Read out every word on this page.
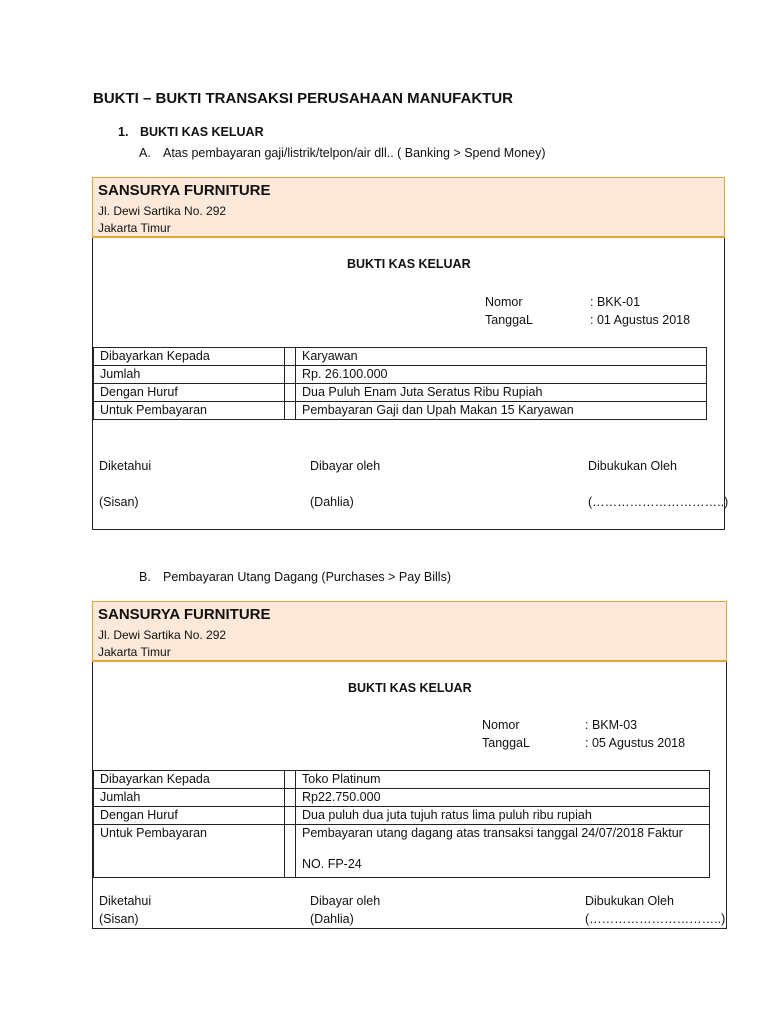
BUKTI – BUKTI TRANSAKSI PERUSAHAAN MANUFAKTUR
1. BUKTI KAS KELUAR
A. Atas pembayaran gaji/listrik/telpon/air dll.. ( Banking > Spend Money)
SANSURYA FURNITURE
Jl. Dewi Sartika No. 292
Jakarta Timur
BUKTI KAS KELUAR
Nomor	: BKK-01
TanggaL	: 01 Agustus 2018
Dibayarkan Kepada		Karyawan
Jumlah		Rp. 26.100.000
Dengan Huruf		Dua Puluh Enam Juta Seratus Ribu Rupiah
Untuk Pembayaran		Pembayaran Gaji dan Upah Makan 15 Karyawan
Diketahui	Dibayar oleh	Dibukukan Oleh
(Sisan)	(Dahlia)	(…………………………..)
B. Pembayaran Utang Dagang (Purchases > Pay Bills)
SANSURYA FURNITURE
Jl. Dewi Sartika No. 292
Jakarta Timur
BUKTI KAS KELUAR
Nomor	: BKM-03
TanggaL	: 05 Agustus 2018
Dibayarkan Kepada		Toko Platinum
Jumlah		Rp22.750.000
Dengan Huruf		Dua puluh dua juta tujuh ratus lima puluh ribu rupiah
Untuk Pembayaran		Pembayaran utang dagang atas transaksi tanggal 24/07/2018 Faktur
NO. FP-24
Diketahui	Dibayar oleh	Dibukukan Oleh
(Sisan)	(Dahlia)	(…………………………..)
